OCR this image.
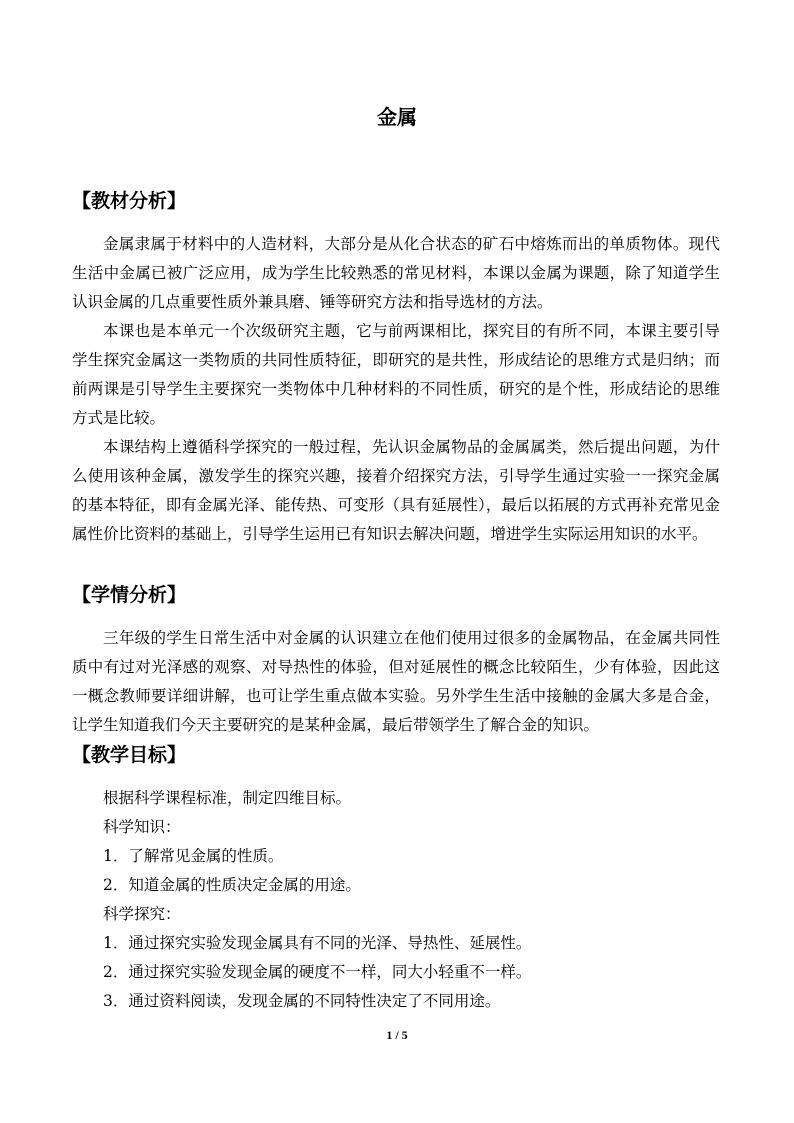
金属
【教材分析】

金属隶属于材料中的人造材料，大部分是从化合状态的矿石中熔炼而出的单质物体。现代生活中金属已被广泛应用，成为学生比较熟悉的常见材料，本课以金属为课题，除了知道学生认识金属的几点重要性质外兼具磨、锤等研究方法和指导选材的方法。

本课也是本单元一个次级研究主题，它与前两课相比，探究目的有所不同，本课主要引导学生探究金属这一类物质的共同性质特征，即研究的是共性，形成结论的思维方式是归纳；而前两课是引导学生主要探究一类物体中几种材料的不同性质，研究的是个性，形成结论的思维方式是比较。

本课结构上遵循科学探究的一般过程，先认识金属物品的金属属类，然后提出问题，为什么使用该种金属，激发学生的探究兴趣，接着介绍探究方法，引导学生通过实验一一探究金属的基本特征，即有金属光泽、能传热、可变形（具有延展性），最后以拓展的方式再补充常见金属性价比资料的基础上，引导学生运用已有知识去解决问题，增进学生实际运用知识的水平。

【学情分析】

三年级的学生日常生活中对金属的认识建立在他们使用过很多的金属物品，在金属共同性质中有过对光泽感的观察、对导热性的体验，但对延展性的概念比较陌生，少有体验，因此这一概念教师要详细讲解，也可让学生重点做本实验。另外学生生活中接触的金属大多是合金，让学生知道我们今天主要研究的是某种金属，最后带领学生了解合金的知识。

【教学目标】
根据科学课程标准，制定四维目标。
科学知识：
1．了解常见金属的性质。
2．知道金属的性质决定金属的用途。
科学探究：
1．通过探究实验发现金属具有不同的光泽、导热性、延展性。
2．通过探究实验发现金属的硬度不一样，同大小轻重不一样。
3．通过资料阅读，发现金属的不同特性决定了不同用途。
1 / 5
